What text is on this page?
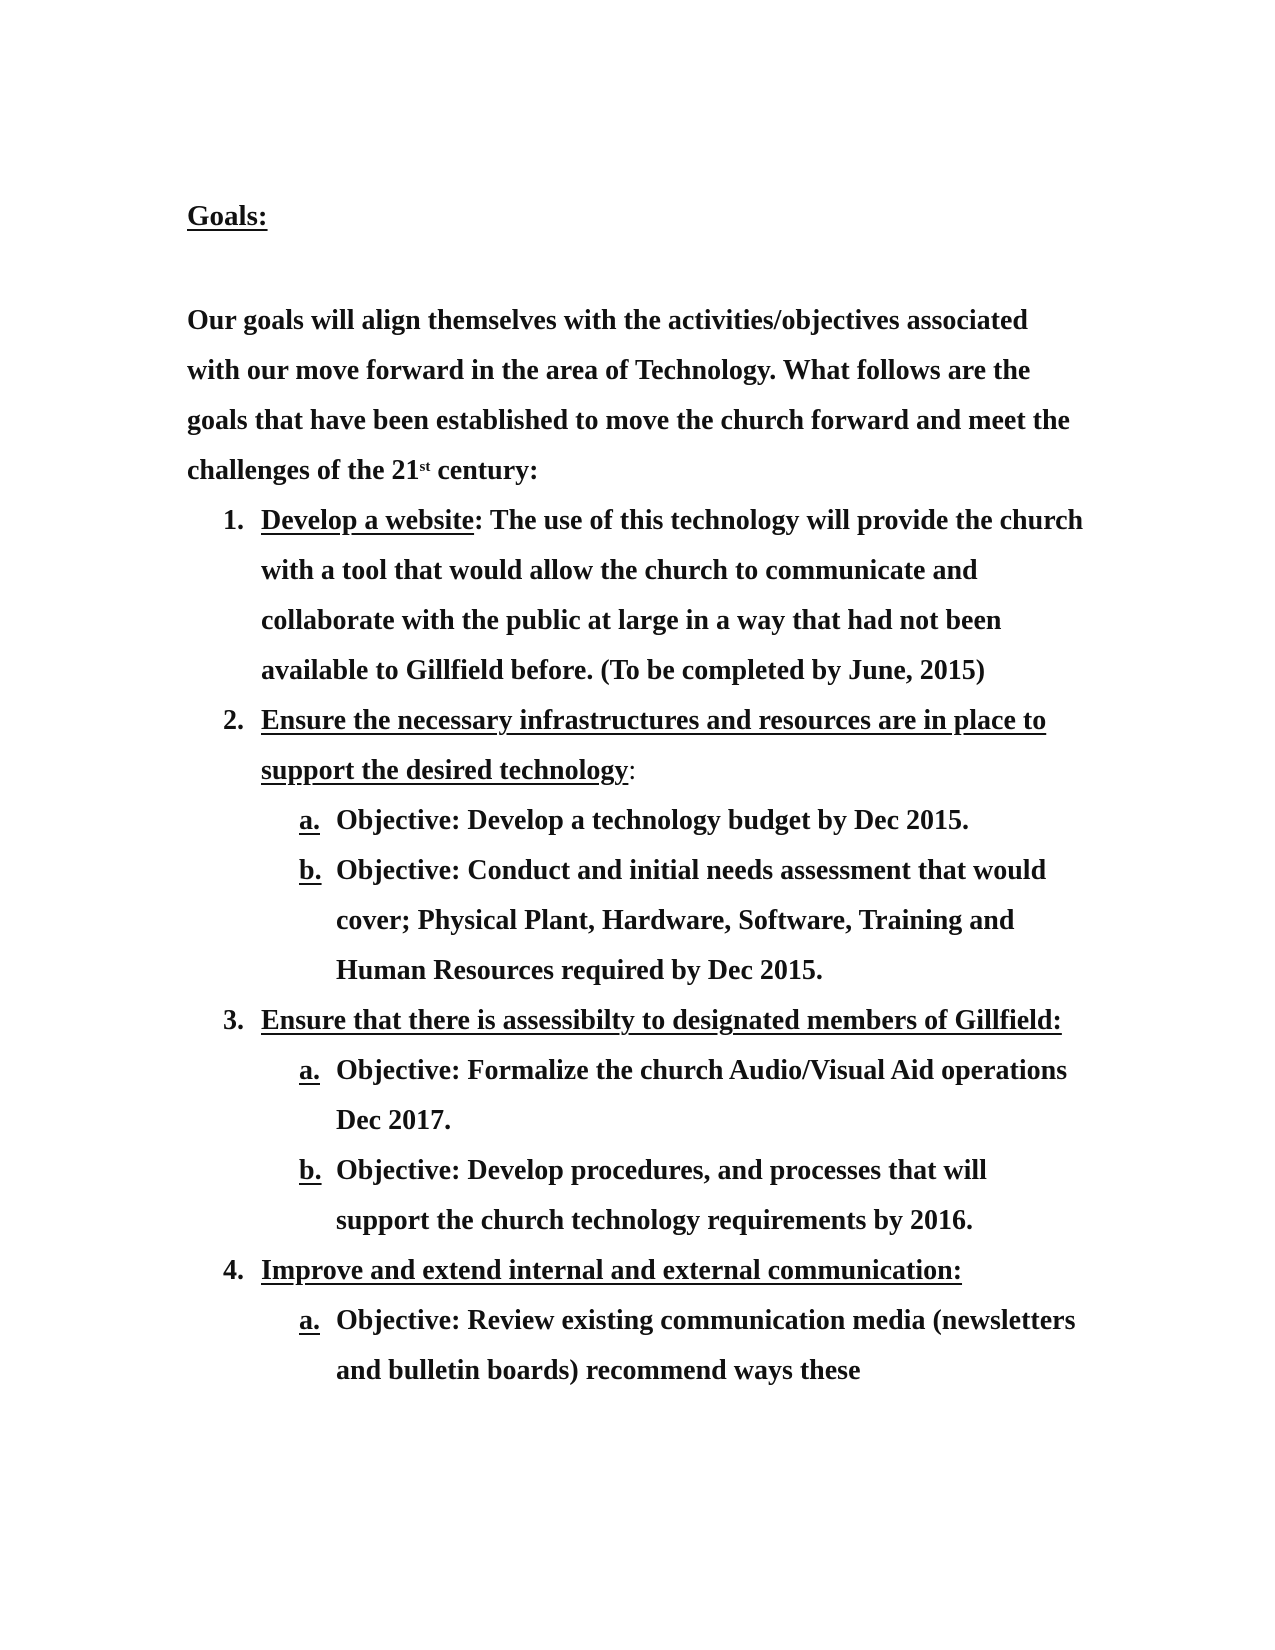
Goals:

Our goals will align themselves with the activities/objectives associated with our move forward in the area of Technology. What follows are the goals that have been established to move the church forward and meet the challenges of the 21st century:

1. Develop a website: The use of this technology will provide the church with a tool that would allow the church to communicate and collaborate with the public at large in a way that had not been available to Gillfield before. (To be completed by June, 2015)
2. Ensure the necessary infrastructures and resources are in place to support the desired technology:
a. Objective: Develop a technology budget by Dec 2015.
b. Objective: Conduct and initial needs assessment that would cover; Physical Plant, Hardware, Software, Training and Human Resources required by Dec 2015.
3. Ensure that there is assessibilty to designated members of Gillfield:
a. Objective: Formalize the church Audio/Visual Aid operations Dec 2017.
b. Objective: Develop procedures, and processes that will support the church technology requirements by 2016.
4. Improve and extend internal and external communication:
a. Objective: Review existing communication media (newsletters and bulletin boards) recommend ways these
